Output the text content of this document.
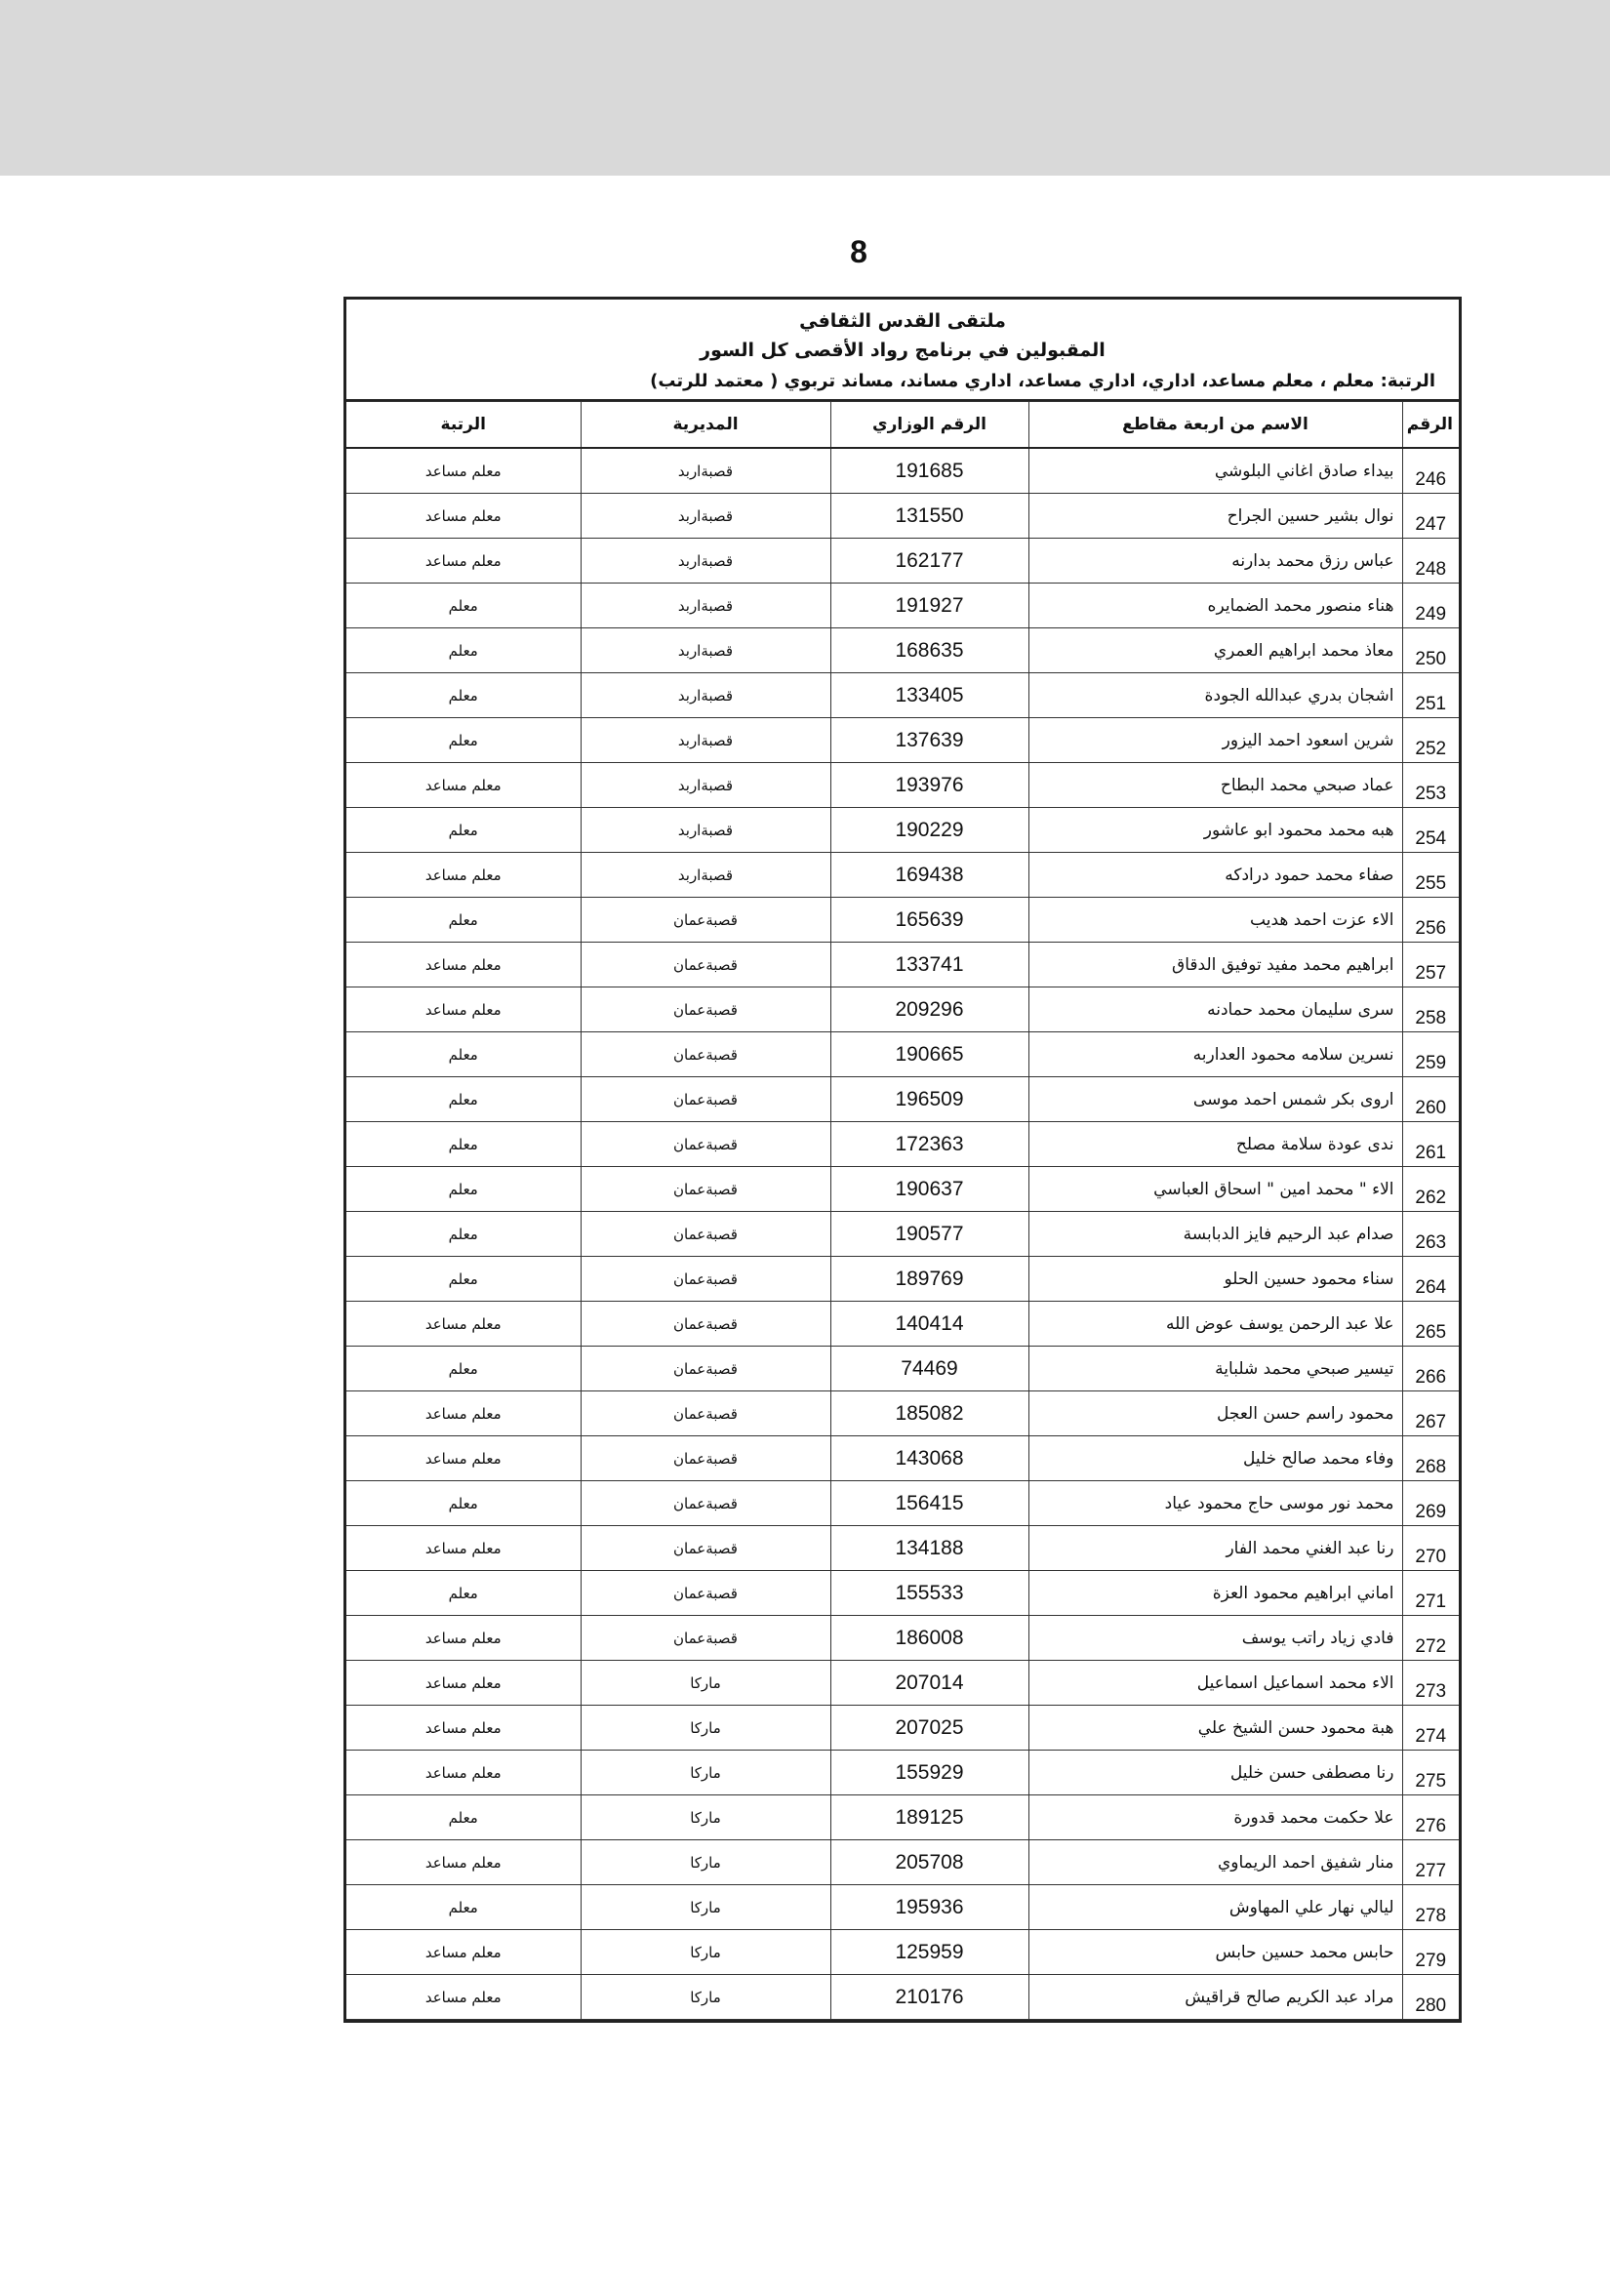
8
ملتقى القدس الثقافي
المقبولين في برنامج رواد الأقصى كل السور
الرتبة: معلم ، معلم مساعد، اداري، اداري مساعد، اداري مساند، مساند تربوي ( معتمد للرتب)
الرقم	الاسم من اربعة مقاطع	الرقم الوزاري	المديرية	الرتبة
246	بيداء صادق اغاني البلوشي	191685	قصبةاربد	معلم مساعد
247	نوال بشير حسين الجراح	131550	قصبةاربد	معلم مساعد
248	عباس رزق محمد بدارنه	162177	قصبةاربد	معلم مساعد
249	هناء منصور محمد الضمايره	191927	قصبةاربد	معلم
250	معاذ محمد ابراهيم العمري	168635	قصبةاربد	معلم
251	اشجان بدري عبدالله الجودة	133405	قصبةاربد	معلم
252	شرين اسعود احمد اليزور	137639	قصبةاربد	معلم
253	عماد صبحي محمد البطاح	193976	قصبةاربد	معلم مساعد
254	هبه محمد محمود ابو عاشور	190229	قصبةاربد	معلم
255	صفاء محمد حمود درادكه	169438	قصبةاربد	معلم مساعد
256	الاء عزت احمد هديب	165639	قصبةعمان	معلم
257	ابراهيم محمد مفيد توفيق الدقاق	133741	قصبةعمان	معلم مساعد
258	سرى سليمان محمد حمادنه	209296	قصبةعمان	معلم مساعد
259	نسرين سلامه محمود العداربه	190665	قصبةعمان	معلم
260	اروى بكر شمس احمد موسى	196509	قصبةعمان	معلم
261	ندى عودة سلامة مصلح	172363	قصبةعمان	معلم
262	الاء " محمد امين " اسحاق العباسي	190637	قصبةعمان	معلم
263	صدام عبد الرحيم فايز الدبابسة	190577	قصبةعمان	معلم
264	سناء محمود حسين الحلو	189769	قصبةعمان	معلم
265	علا عبد الرحمن يوسف عوض الله	140414	قصبةعمان	معلم مساعد
266	تيسير صبحي محمد شلباية	74469	قصبةعمان	معلم
267	محمود راسم حسن العجل	185082	قصبةعمان	معلم مساعد
268	وفاء محمد صالح خليل	143068	قصبةعمان	معلم مساعد
269	محمد نور موسى حاج محمود عياد	156415	قصبةعمان	معلم
270	رنا عبد الغني محمد الفار	134188	قصبةعمان	معلم مساعد
271	اماني ابراهيم محمود العزة	155533	قصبةعمان	معلم
272	فادي زياد راتب يوسف	186008	قصبةعمان	معلم مساعد
273	الاء محمد اسماعيل اسماعيل	207014	ماركا	معلم مساعد
274	هبة محمود حسن الشيخ علي	207025	ماركا	معلم مساعد
275	رنا مصطفى حسن خليل	155929	ماركا	معلم مساعد
276	علا حكمت محمد قدورة	189125	ماركا	معلم
277	منار شفيق احمد الريماوي	205708	ماركا	معلم مساعد
278	ليالي نهار علي المهاوش	195936	ماركا	معلم
279	حابس محمد حسين حابس	125959	ماركا	معلم مساعد
280	مراد عبد الكريم صالح قراقيش	210176	ماركا	معلم مساعد
